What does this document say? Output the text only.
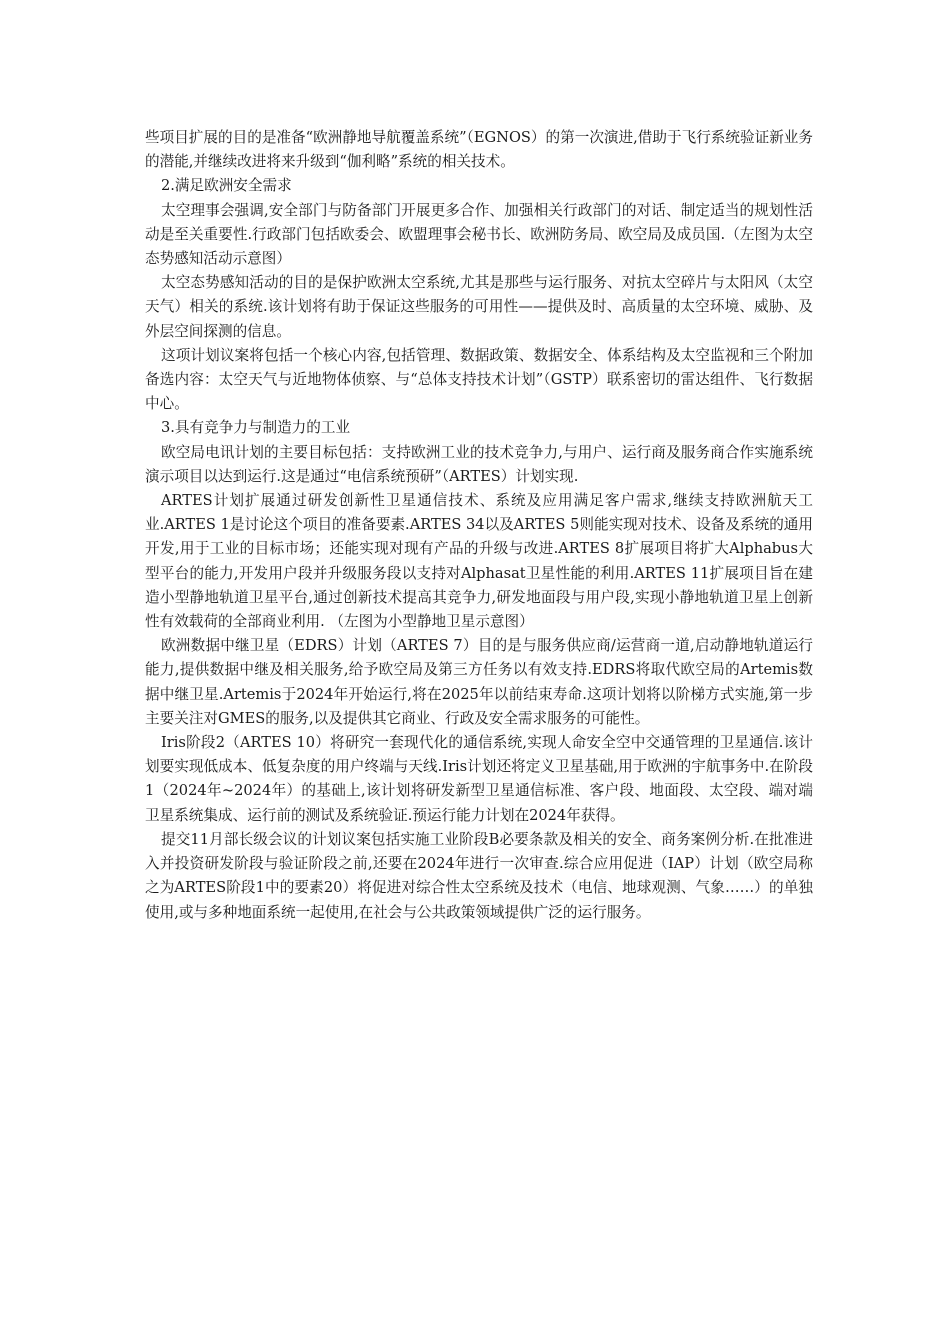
些项目扩展的目的是准备“欧洲静地导航覆盖系统”（EGNOS）的第一次演进,借助于飞行系统验证新业务的潜能,并继续改进将来升级到“伽利略”系统的相关技术。

2.满足欧洲安全需求

太空理事会强调,安全部门与防备部门开展更多合作、加强相关行政部门的对话、制定适当的规划性活动是至关重要性.行政部门包括欧委会、欧盟理事会秘书长、欧洲防务局、欧空局及成员国.（左图为太空态势感知活动示意图）

太空态势感知活动的目的是保护欧洲太空系统,尤其是那些与运行服务、对抗太空碎片与太阳风（太空天气）相关的系统.该计划将有助于保证这些服务的可用性——提供及时、高质量的太空环境、威胁、及外层空间探测的信息。

这项计划议案将包括一个核心内容,包括管理、数据政策、数据安全、体系结构及太空监视和三个附加备选内容：太空天气与近地物体侦察、与“总体支持技术计划”（GSTP）联系密切的雷达组件、飞行数据中心。

3.具有竞争力与制造力的工业

欧空局电讯计划的主要目标包括：支持欧洲工业的技术竞争力,与用户、运行商及服务商合作实施系统演示项目以达到运行.这是通过“电信系统预研”（ARTES）计划实现.

ARTES计划扩展通过研发创新性卫星通信技术、系统及应用满足客户需求,继续支持欧洲航天工业.ARTES 1是讨论这个项目的准备要素.ARTES 34以及ARTES 5则能实现对技术、设备及系统的通用开发,用于工业的目标市场；还能实现对现有产品的升级与改进.ARTES 8扩展项目将扩大Alphabus大型平台的能力,开发用户段并升级服务段以支持对Alphasat卫星性能的利用.ARTES 11扩展项目旨在建造小型静地轨道卫星平台,通过创新技术提高其竞争力,研发地面段与用户段,实现小静地轨道卫星上创新性有效载荷的全部商业利用. （左图为小型静地卫星示意图）

欧洲数据中继卫星（EDRS）计划（ARTES 7）目的是与服务供应商/运营商一道,启动静地轨道运行能力,提供数据中继及相关服务,给予欧空局及第三方任务以有效支持.EDRS将取代欧空局的Artemis数据中继卫星.Artemis于2024年开始运行,将在2025年以前结束寿命.这项计划将以阶梯方式实施,第一步主要关注对GMES的服务,以及提供其它商业、行政及安全需求服务的可能性。

Iris阶段2（ARTES 10）将研究一套现代化的通信系统,实现人命安全空中交通管理的卫星通信.该计划要实现低成本、低复杂度的用户终端与天线.Iris计划还将定义卫星基础,用于欧洲的宇航事务中.在阶段1（2024年~2024年）的基础上,该计划将研发新型卫星通信标准、客户段、地面段、太空段、端对端卫星系统集成、运行前的测试及系统验证.预运行能力计划在2024年获得。

提交11月部长级会议的计划议案包括实施工业阶段B必要条款及相关的安全、商务案例分析.在批准进入并投资研发阶段与验证阶段之前,还要在2024年进行一次审查.综合应用促进（IAP）计划（欧空局称之为ARTES阶段1中的要素20）将促进对综合性太空系统及技术（电信、地球观测、气象……）的单独使用,或与多种地面系统一起使用,在社会与公共政策领域提供广泛的运行服务。
